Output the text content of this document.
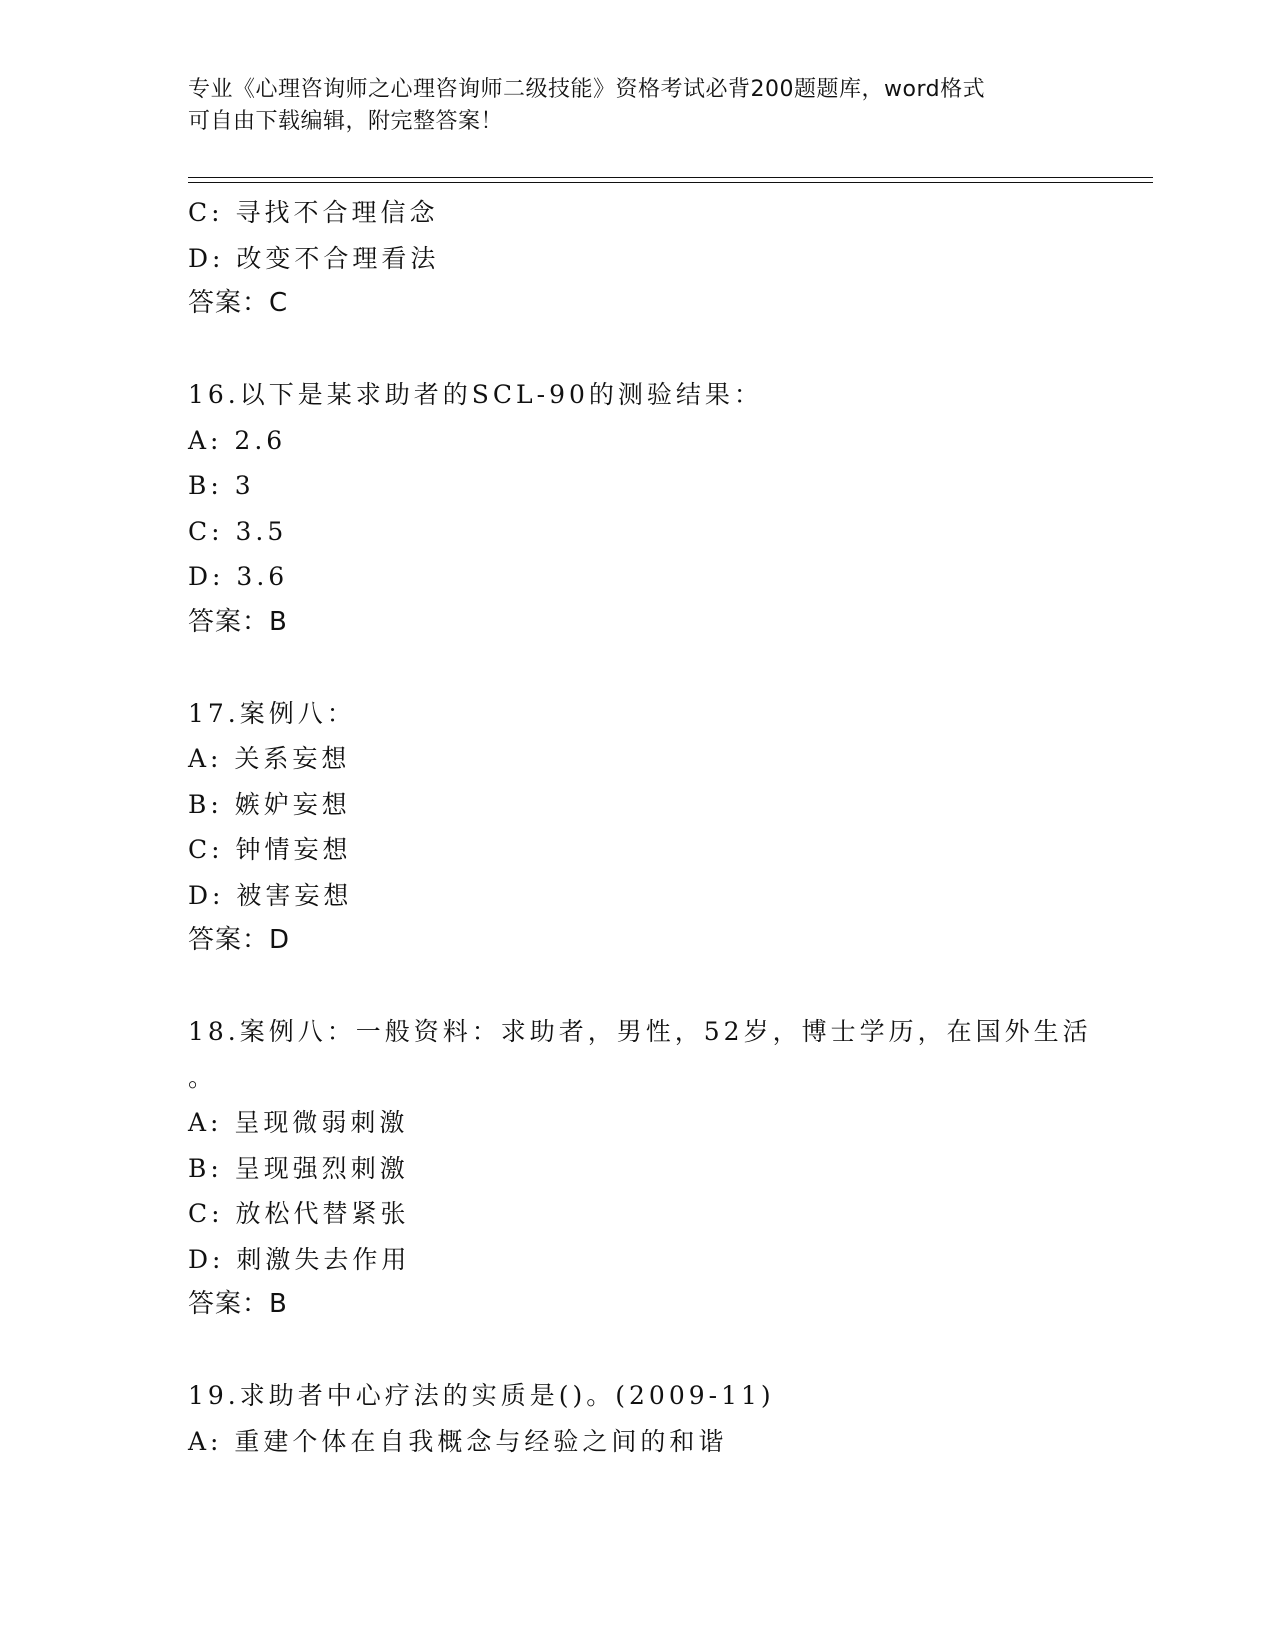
专业《心理咨询师之心理咨询师二级技能》资格考试必背200题题库，word格式
可自由下载编辑，附完整答案！
C: 寻找不合理信念
D: 改变不合理看法
答案：C
16.以下是某求助者的SCL-90的测验结果：
A: 2.6
B: 3
C: 3.5
D: 3.6
答案：B
17.案例八：
A: 关系妄想
B: 嫉妒妄想
C: 钟情妄想
D: 被害妄想
答案：D
18.案例八：一般资料：求助者，男性，52岁，博士学历，在国外生活
。
A: 呈现微弱刺激
B: 呈现强烈刺激
C: 放松代替紧张
D: 刺激失去作用
答案：B
19.求助者中心疗法的实质是()。(2009-11)
A: 重建个体在自我概念与经验之间的和谐
